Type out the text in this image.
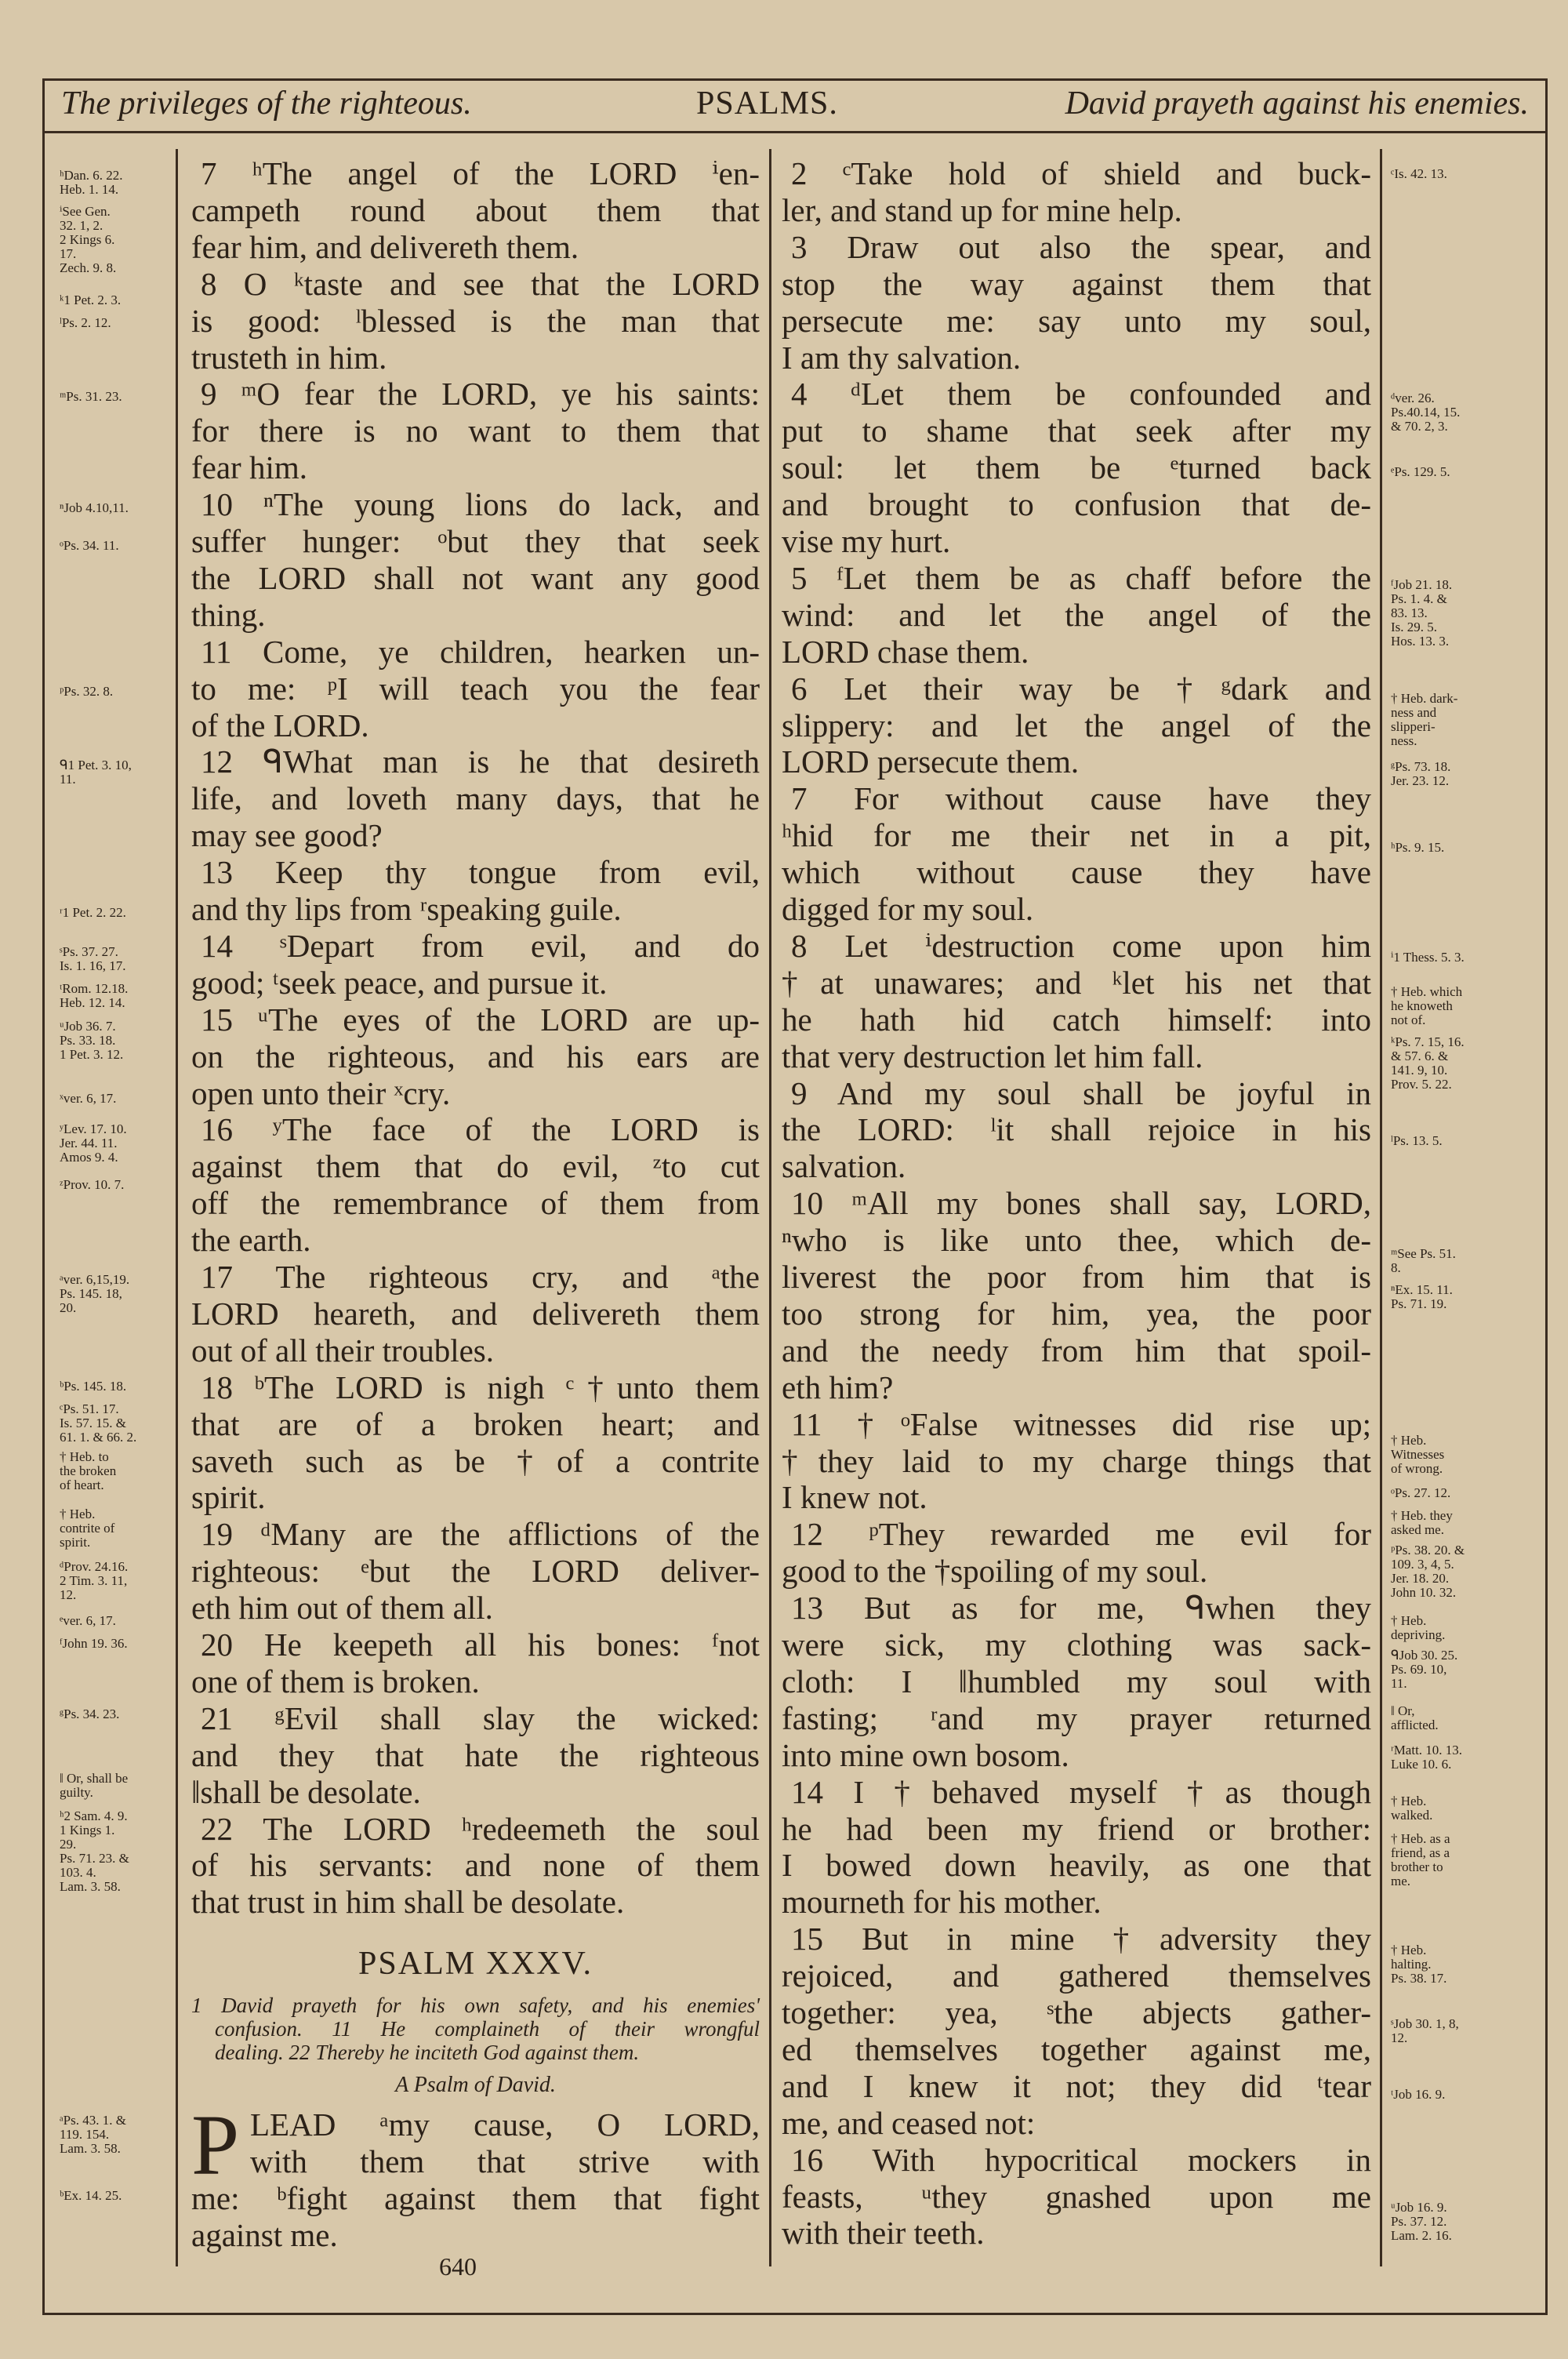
The privileges of the righteous.	PSALMS.	David prayeth against his enemies.
7 ʰThe angel of the LORD ⁱen-
campeth round about them that
fear him, and delivereth them.
8 O ᵏtaste and see that the LORD
is good: ˡblessed is the man that
trusteth in him.
9 ᵐO fear the LORD, ye his saints:
for there is no want to them that
fear him.
10 ⁿThe young lions do lack, and
suffer hunger: ᵒbut they that seek
the LORD shall not want any good
thing.
11 Come, ye children, hearken un-
to me: ᵖI will teach you the fear
of the LORD.
12 ᑫWhat man is he that desireth
life, and loveth many days, that he
may see good?
13 Keep thy tongue from evil,
and thy lips from ʳspeaking guile.
14 ˢDepart from evil, and do
good; ᵗseek peace, and pursue it.
15 ᵘThe eyes of the LORD are up-
on the righteous, and his ears are
open unto their ˣcry.
16 ʸThe face of the LORD is
against them that do evil, ᶻto cut
off the remembrance of them from
the earth.
17 The righteous cry, and ᵃthe
LORD heareth, and delivereth them
out of all their troubles.
18 ᵇThe LORD is nigh ᶜ†unto them
that are of a broken heart; and
saveth such as be †of a contrite
spirit.
19 ᵈMany are the afflictions of the
righteous: ᵉbut the LORD deliver-
eth him out of them all.
20 He keepeth all his bones: ᶠnot
one of them is broken.
21 ᵍEvil shall slay the wicked:
and they that hate the righteous
‖shall be desolate.
22 The LORD ʰredeemeth the soul
of his servants: and none of them
that trust in him shall be desolate.
2 ᶜTake hold of shield and buck-
ler, and stand up for mine help.
3 Draw out also the spear, and
stop the way against them that
persecute me: say unto my soul,
I am thy salvation.
4 ᵈLet them be confounded and
put to shame that seek after my
soul: let them be ᵉturned back
and brought to confusion that de-
vise my hurt.
5 ᶠLet them be as chaff before the
wind: and let the angel of the
LORD chase them.
6 Let their way be †ᵍdark and
slippery: and let the angel of the
LORD persecute them.
7 For without cause have they
ʰhid for me their net in a pit,
which without cause they have
digged for my soul.
8 Let ⁱdestruction come upon him
†at unawares; and ᵏlet his net that
he hath hid catch himself: into
that very destruction let him fall.
9 And my soul shall be joyful in
the LORD: ˡit shall rejoice in his
salvation.
10 ᵐAll my bones shall say, LORD,
ⁿwho is like unto thee, which de-
liverest the poor from him that is
too strong for him, yea, the poor
and the needy from him that spoil-
eth him?
11 †ᵒFalse witnesses did rise up;
†they laid to my charge things that
I knew not.
12 ᵖThey rewarded me evil for
good to the †spoiling of my soul.
13 But as for me, ᑫwhen they
were sick, my clothing was sack-
cloth: I ‖humbled my soul with
fasting; ʳand my prayer returned
into mine own bosom.
14 I †behaved myself †as though
he had been my friend or brother:
I bowed down heavily, as one that
mourneth for his mother.
15 But in mine †adversity they
rejoiced, and gathered themselves
together: yea, ˢthe abjects gather-
ed themselves together against me,
and I knew it not; they did ᵗtear
me, and ceased not:
16 With hypocritical mockers in
feasts, ᵘthey gnashed upon me
with their teeth.
ʰDan. 6. 22.
Heb. 1. 14.
ⁱSee Gen.
32. 1, 2.
2 Kings 6.
17.
Zech. 9. 8.
ᵏ1 Pet. 2. 3.
ˡPs. 2. 12.
ᵐPs. 31. 23.
ⁿJob 4.10,11.
ᵒPs. 34. 11.
ᵖPs. 32. 8.
ᑫ1 Pet. 3. 10,
11.
ʳ1 Pet. 2. 22.
ˢPs. 37. 27.
Is. 1. 16, 17.
ᵗRom. 12.18.
Heb. 12. 14.
ᵘJob 36. 7.
Ps. 33. 18.
1 Pet. 3. 12.
ˣver. 6, 17.
ʸLev. 17. 10.
Jer. 44. 11.
Amos 9. 4.
ᶻProv. 10. 7.
ᵃver. 6,15,19.
Ps. 145. 18,
20.
ᵇPs. 145. 18.
ᶜPs. 51. 17.
Is. 57. 15. &
61. 1. & 66. 2.
† Heb. to
the broken
of heart.
† Heb.
contrite of
spirit.
ᵈProv. 24.16.
2 Tim. 3. 11,
12.
ᵉver. 6, 17.
ᶠJohn 19. 36.
ᵍPs. 34. 23.
‖ Or, shall be
guilty.
ʰ2 Sam. 4. 9.
1 Kings 1.
29.
Ps. 71. 23. &
103. 4.
Lam. 3. 58.
ᵃPs. 43. 1. &
119. 154.
Lam. 3. 58.
ᵇEx. 14. 25.
ᶜIs. 42. 13.
ᵈver. 26.
Ps.40.14, 15.
& 70. 2, 3.
ᵉPs. 129. 5.
ᶠJob 21. 18.
Ps. 1. 4. &
83. 13.
Is. 29. 5.
Hos. 13. 3.
† Heb. dark-
ness and
slipperi-
ness.
ᵍPs. 73. 18.
Jer. 23. 12.
ʰPs. 9. 15.
ⁱ1 Thess. 5. 3.
† Heb. which
he knoweth
not of.
ᵏPs. 7. 15, 16.
& 57. 6. &
141. 9, 10.
Prov. 5. 22.
ˡPs. 13. 5.
ᵐSee Ps. 51.
8.
ⁿEx. 15. 11.
Ps. 71. 19.
† Heb.
Witnesses
of wrong.
ᵒPs. 27. 12.
† Heb. they
asked me.
ᵖPs. 38. 20. &
109. 3, 4, 5.
Jer. 18. 20.
John 10. 32.
† Heb.
depriving.
ᑫJob 30. 25.
Ps. 69. 10,
11.
‖ Or,
afflicted.
ʳMatt. 10. 13.
Luke 10. 6.
† Heb.
walked.
† Heb. as a
friend, as a
brother to
me.
† Heb.
halting.
Ps. 38. 17.
ˢJob 30. 1, 8,
12.
ᵗJob 16. 9.
ᵘJob 16. 9.
Ps. 37. 12.
Lam. 2. 16.
PSALM XXXV.
1 David prayeth for his own safety, and his enemies'
confusion. 11 He complaineth of their wrongful
dealing. 22 Thereby he inciteth God against them.
A Psalm of David.
P LEAD ᵃmy cause, O LORD,
with them that strive with
me: ᵇfight against them that fight
against me.
640
